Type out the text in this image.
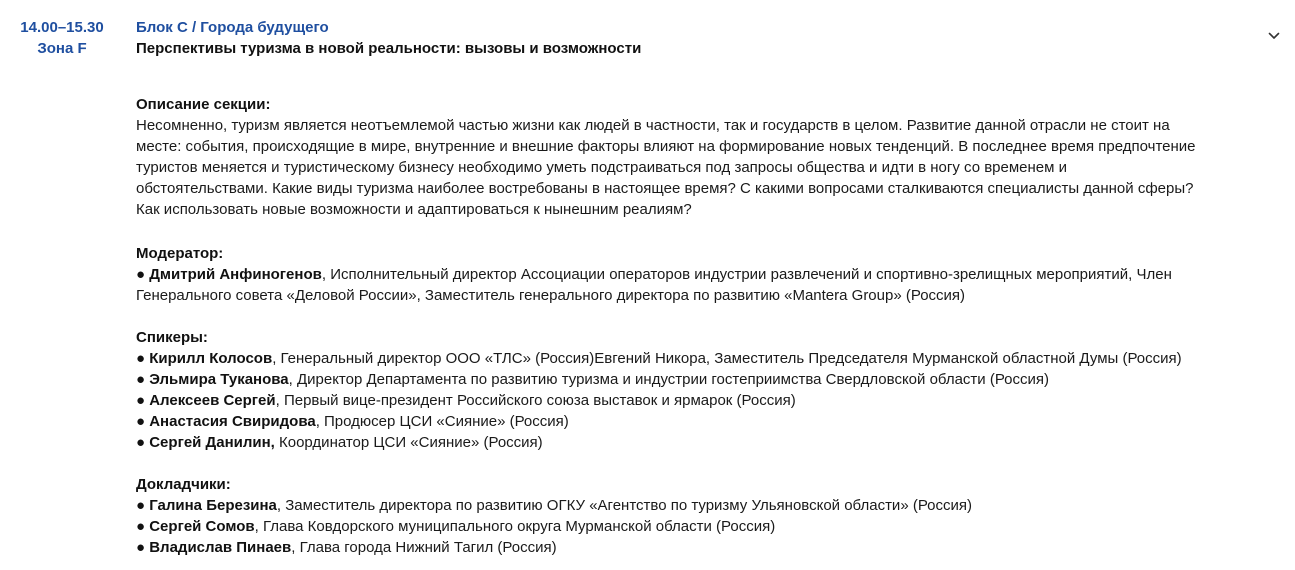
14.00–15.30
Зона F
Блок C / Города будущего
Перспективы туризма в новой реальности: вызовы и возможности
Описание секции:
Несомненно, туризм является неотъемлемой частью жизни как людей в частности, так и государств в целом. Развитие данной отрасли не стоит на
месте: события, происходящие в мире, внутренние и внешние факторы влияют на формирование новых тенденций. В последнее время предпочтение
туристов меняется и туристическому бизнесу необходимо уметь подстраиваться под запросы общества и идти в ногу со временем и
обстоятельствами. Какие виды туризма наиболее востребованы в настоящее время? С какими вопросами сталкиваются специалисты данной сферы?
Как использовать новые возможности и адаптироваться к нынешним реалиям?
Модератор:
● Дмитрий Анфиногенов, Исполнительный директор Ассоциации операторов индустрии развлечений и спортивно-зрелищных мероприятий, Член
Генерального совета «Деловой России», Заместитель генерального директора по развитию «Mantera Group» (Россия)
Спикеры:
● Кирилл Колосов, Генеральный директор ООО «ТЛС» (Россия)Евгений Никора, Заместитель Председателя Мурманской областной Думы (Россия)
● Эльмира Туканова, Директор Департамента по развитию туризма и индустрии гостеприимства Свердловской области (Россия)
● Алексеев Сергей, Первый вице-президент Российского союза выставок и ярмарок (Россия)
● Анастасия Свиридова, Продюсер ЦСИ «Сияние» (Россия)
● Сергей Данилин, Координатор ЦСИ «Сияние» (Россия)
Докладчики:
● Галина Березина, Заместитель директора по развитию ОГКУ «Агентство по туризму Ульяновской области» (Россия)
● Сергей Сомов, Глава Ковдорского муниципального округа Мурманской области (Россия)
● Владислав Пинаев, Глава города Нижний Тагил (Россия)
